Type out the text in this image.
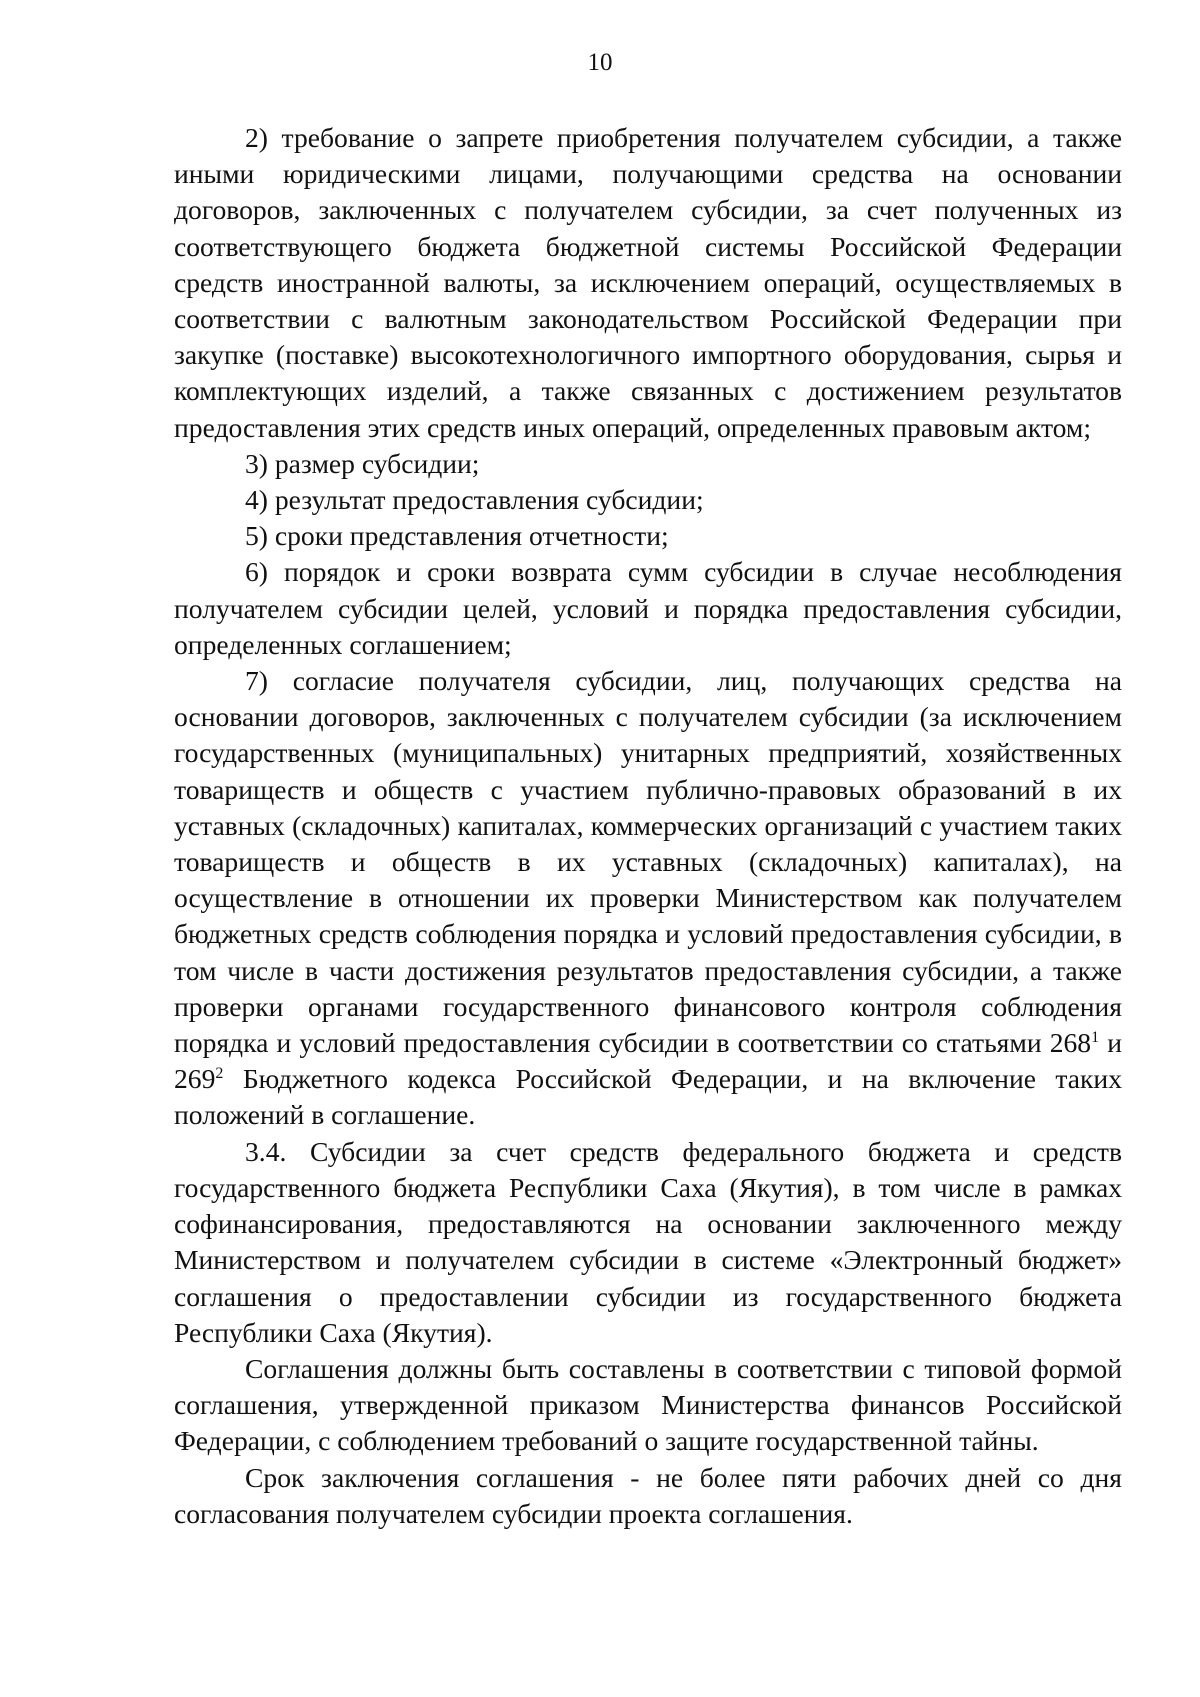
10

2) требование о запрете приобретения получателем субсидии, а также иными юридическими лицами, получающими средства на основании договоров, заключенных с получателем субсидии, за счет полученных из соответствующего бюджета бюджетной системы Российской Федерации средств иностранной валюты, за исключением операций, осуществляемых в соответствии с валютным законодательством Российской Федерации при закупке (поставке) высокотехнологичного импортного оборудования, сырья и комплектующих изделий, а также связанных с достижением результатов предоставления этих средств иных операций, определенных правовым актом;

3) размер субсидии;

4) результат предоставления субсидии;

5) сроки представления отчетности;

6) порядок и сроки возврата сумм субсидии в случае несоблюдения получателем субсидии целей, условий и порядка предоставления субсидии, определенных соглашением;

7) согласие получателя субсидии, лиц, получающих средства на основании договоров, заключенных с получателем субсидии (за исключением государственных (муниципальных) унитарных предприятий, хозяйственных товариществ и обществ с участием публично-правовых образований в их уставных (складочных) капиталах, коммерческих организаций с участием таких товариществ и обществ в их уставных (складочных) капиталах), на осуществление в отношении их проверки Министерством как получателем бюджетных средств соблюдения порядка и условий предоставления субсидии, в том числе в части достижения результатов предоставления субсидии, а также проверки органами государственного финансового контроля соблюдения порядка и условий предоставления субсидии в соответствии со статьями $268^1$ и $269^2$ Бюджетного кодекса Российской Федерации, и на включение таких положений в соглашение.

3.4. Субсидии за счет средств федерального бюджета и средств государственного бюджета Республики Саха (Якутия), в том числе в рамках софинансирования, предоставляются на основании заключенного между Министерством и получателем субсидии в системе «Электронный бюджет» соглашения о предоставлении субсидии из государственного бюджета Республики Саха (Якутия).

Соглашения должны быть составлены в соответствии с типовой формой соглашения, утвержденной приказом Министерства финансов Российской Федерации, с соблюдением требований о защите государственной тайны.

Срок заключения соглашения - не более пяти рабочих дней со дня согласования получателем субсидии проекта соглашения.
